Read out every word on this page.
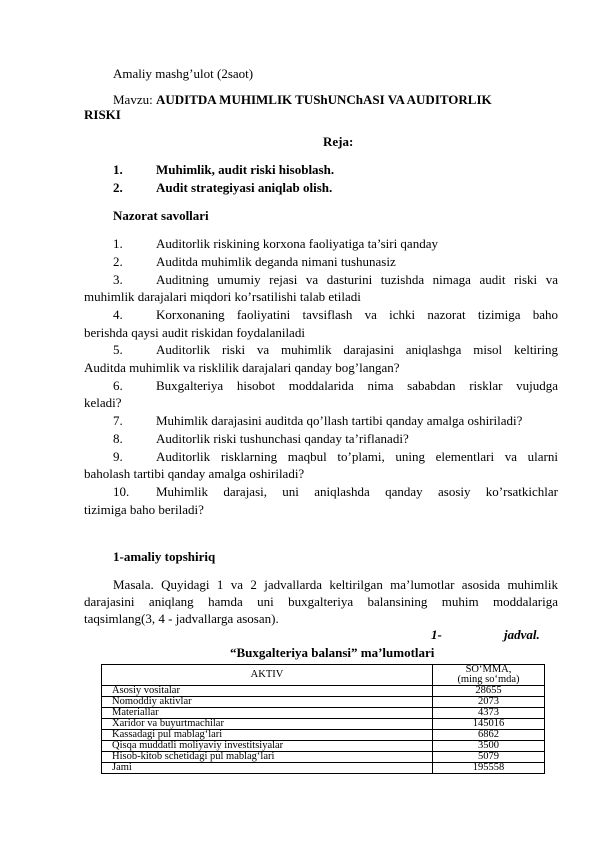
Amaliy mashg’ulot (2saot)
Mavzu: AUDITDA MUHIMLIK TUShUNChASI VA AUDITORLIK
RISKI
Reja:
1.	Muhimlik, audit riski hisoblash.
2.	Audit strategiyasi aniqlab olish.
Nazorat savollari
1.	Auditorlik riskining korxona faoliyatiga ta’siri qanday
2.	Auditda muhimlik deganda nimani tushunasiz
3.	Auditning umumiy rejasi va dasturini tuzishda nimaga audit riski va
muhimlik darajalari miqdori ko’rsatilishi talab etiladi
4.	Korxonaning faoliyatini tavsiflash va ichki nazorat tizimiga baho
berishda qaysi audit riskidan foydalaniladi
5.	Auditorlik riski va muhimlik darajasini aniqlashga misol keltiring
Auditda muhimlik va risklilik darajalari qanday bog’langan?
6.	Buxgalteriya hisobot moddalarida nima sababdan risklar vujudga
keladi?
7.	Muhimlik darajasini auditda qo’llash tartibi qanday amalga oshiriladi?
8.	Auditorlik riski tushunchasi qanday ta’riflanadi?
9.	Auditorlik risklarning maqbul to’plami, uning elementlari va ularni
baholash tartibi qanday amalga oshiriladi?
10. Muhimlik darajasi, uni aniqlashda qanday asosiy ko’rsatkichlar
tizimiga baho beriladi?
1-amaliy topshiriq
Masala. Quyidagi 1 va 2 jadvallarda keltirilgan ma’lumotlar asosida muhimlik
darajasini aniqlang hamda uni buxgalteriya balansining muhim moddalariga
taqsimlang(3, 4 - jadvallarga asosan).
1-	jadval.
“Buxgalteriya balansi” ma’lumotlari
AKTIV	SO‘MMA,
(ming so‘mda)

Asosiy vositalar	28655
Nomoddiy aktivlar	2073
Materiallar	4373
Xaridor va buyurtmachilar	145016
Kassadagi pul mablag‘lari	6862
Qisqa muddatli moliyaviy investitsiyalar	3500
Hisob-kitob schetidagi pul mablag‘lari	5079
Jami	195558
